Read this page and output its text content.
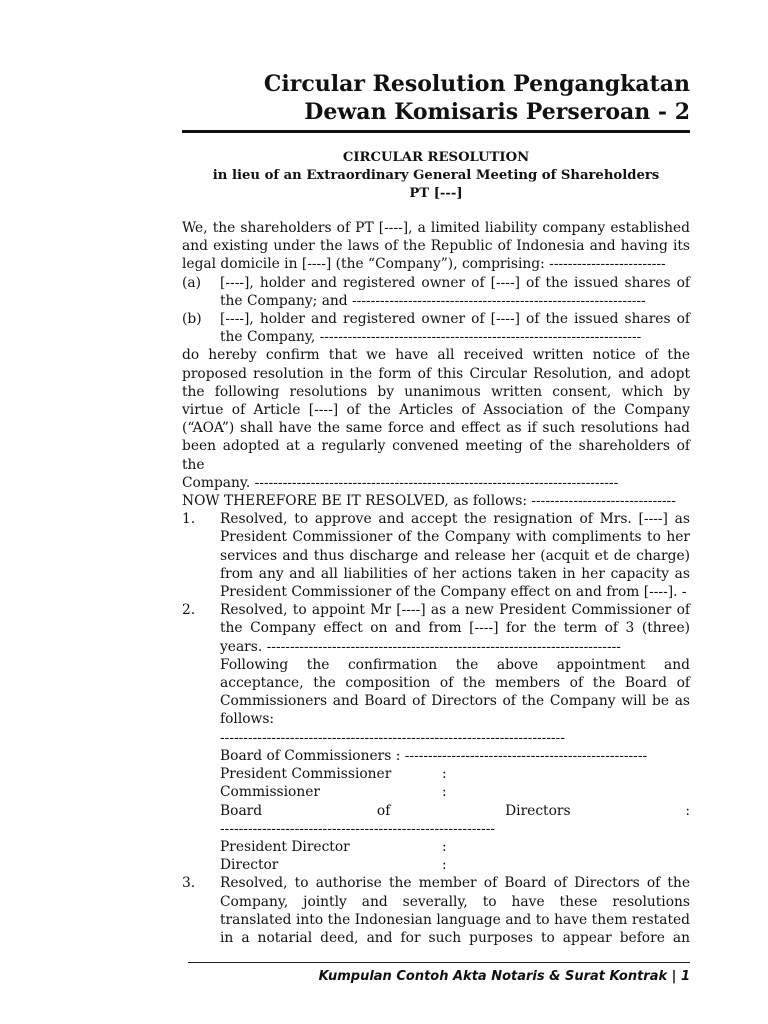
Circular Resolution Pengangkatan
Dewan Komisaris Perseroan - 2
CIRCULAR RESOLUTION
in lieu of an Extraordinary General Meeting of Shareholders
PT [---]
We, the shareholders of PT [----], a limited liability company established
and existing under the laws of the Republic of Indonesia and having its
legal domicile in [----] (the “Company”), comprising: -------------------------
(a)	[----], holder and registered owner of [----] of the issued shares of
the Company; and ---------------------------------------------------------------
(b)	[----], holder and registered owner of [----] of the issued shares of
the Company, ---------------------------------------------------------------------
do hereby confirm that we have all received written notice of the
proposed resolution in the form of this Circular Resolution, and adopt
the following resolutions by unanimous written consent, which by
virtue of Article [----] of the Articles of Association of the Company
(“AOA”) shall have the same force and effect as if such resolutions had
been adopted at a regularly convened meeting of the shareholders of the
Company. ------------------------------------------------------------------------------
NOW THEREFORE BE IT RESOLVED, as follows: -------------------------------
1.	Resolved, to approve and accept the resignation of Mrs. [----] as
President Commissioner of the Company with compliments to her
services and thus discharge and release her (acquit et de charge)
from any and all liabilities of her actions taken in her capacity as
President Commissioner of the Company effect on and from [----]. -
2.	Resolved, to appoint Mr [----] as a new President Commissioner of
the Company effect on and from [----] for the term of 3 (three)
years. ----------------------------------------------------------------------------
Following the confirmation the above appointment and
acceptance, the composition of the members of the Board of
Commissioners and Board of Directors of the Company will be as
follows:
--------------------------------------------------------------------------
Board of Commissioners : ----------------------------------------------------
President Commissioner	:
Commissioner	:
Board	of	Directors	:
-----------------------------------------------------------
President Director	:
Director	:
3.	Resolved, to authorise the member of Board of Directors of the
Company, jointly and severally, to have these resolutions
translated into the Indonesian language and to have them restated
in a notarial deed, and for such purposes to appear before an
Kumpulan Contoh Akta Notaris & Surat Kontrak | 1
